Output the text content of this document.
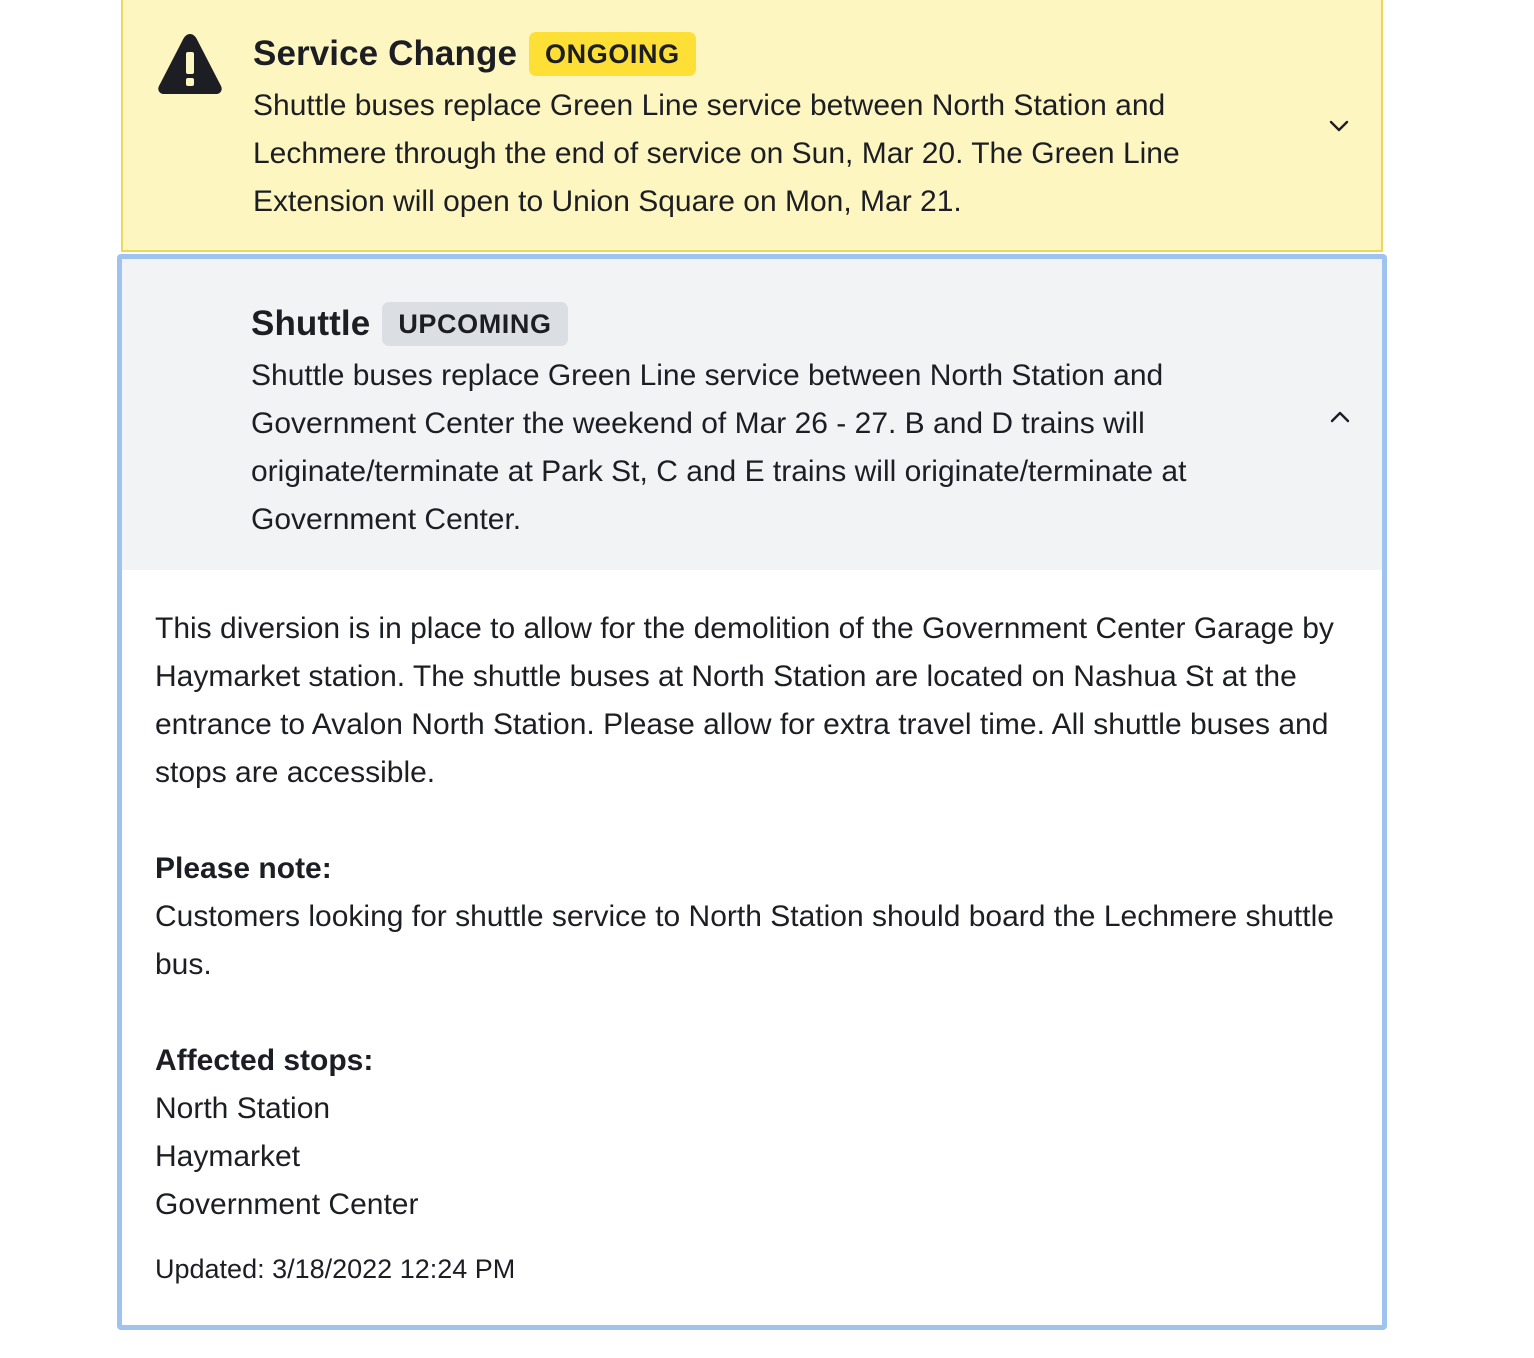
Service Change	ONGOING
Shuttle buses replace Green Line service between North Station and Lechmere through the end of service on Sun, Mar 20. The Green Line Extension will open to Union Square on Mon, Mar 21.
Shuttle	UPCOMING
Shuttle buses replace Green Line service between North Station and Government Center the weekend of Mar 26 - 27. B and D trains will originate/terminate at Park St, C and E trains will originate/terminate at Government Center.

This diversion is in place to allow for the demolition of the Government Center Garage by Haymarket station. The shuttle buses at North Station are located on Nashua St at the entrance to Avalon North Station. Please allow for extra travel time. All shuttle buses and stops are accessible.

Please note:

Customers looking for shuttle service to North Station should board the Lechmere shuttle bus.

Affected stops:

North Station

Haymarket

Government Center

Updated: 3/18/2022 12:24 PM
